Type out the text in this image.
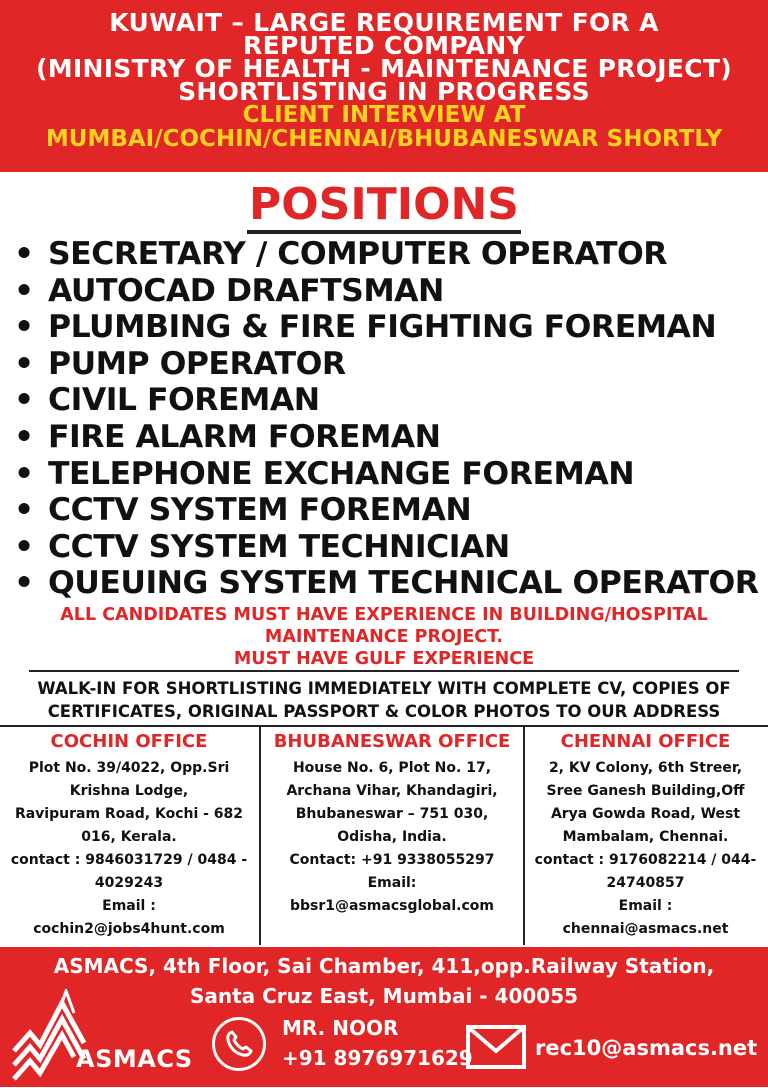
KUWAIT – LARGE REQUIREMENT FOR A
REPUTED COMPANY
(MINISTRY OF HEALTH - MAINTENANCE PROJECT)
SHORTLISTING IN PROGRESS
CLIENT INTERVIEW AT
MUMBAI/COCHIN/CHENNAI/BHUBANESWAR SHORTLY
POSITIONS
• SECRETARY / COMPUTER OPERATOR
• AUTOCAD DRAFTSMAN
• PLUMBING & FIRE FIGHTING FOREMAN
• PUMP OPERATOR
• CIVIL FOREMAN
• FIRE ALARM FOREMAN
• TELEPHONE EXCHANGE FOREMAN
• CCTV SYSTEM FOREMAN
• CCTV SYSTEM TECHNICIAN
• QUEUING SYSTEM TECHNICAL OPERATOR
ALL CANDIDATES MUST HAVE EXPERIENCE IN BUILDING/HOSPITAL
MAINTENANCE PROJECT.
MUST HAVE GULF EXPERIENCE
WALK-IN FOR SHORTLISTING IMMEDIATELY WITH COMPLETE CV, COPIES OF
CERTIFICATES, ORIGINAL PASSPORT & COLOR PHOTOS TO OUR ADDRESS
COCHIN OFFICE
Plot No. 39/4022, Opp.Sri
Krishna Lodge,
Ravipuram Road, Kochi - 682
016, Kerala.
contact : 9846031729 / 0484 -
4029243
Email :
cochin2@jobs4hunt.com
BHUBANESWAR OFFICE
House No. 6, Plot No. 17,
Archana Vihar, Khandagiri,
Bhubaneswar – 751 030,
Odisha, India.
Contact: +91 9338055297
Email:
bbsr1@asmacsglobal.com
CHENNAI OFFICE
2, KV Colony, 6th Streer,
Sree Ganesh Building,Off
Arya Gowda Road, West
Mambalam, Chennai.
contact : 9176082214 / 044-
24740857
Email :
chennai@asmacs.net
ASMACS, 4th Floor, Sai Chamber, 411,opp.Railway Station,
Santa Cruz East, Mumbai - 400055
ASMACS
MR. NOOR
+91 8976971629	rec10@asmacs.net
